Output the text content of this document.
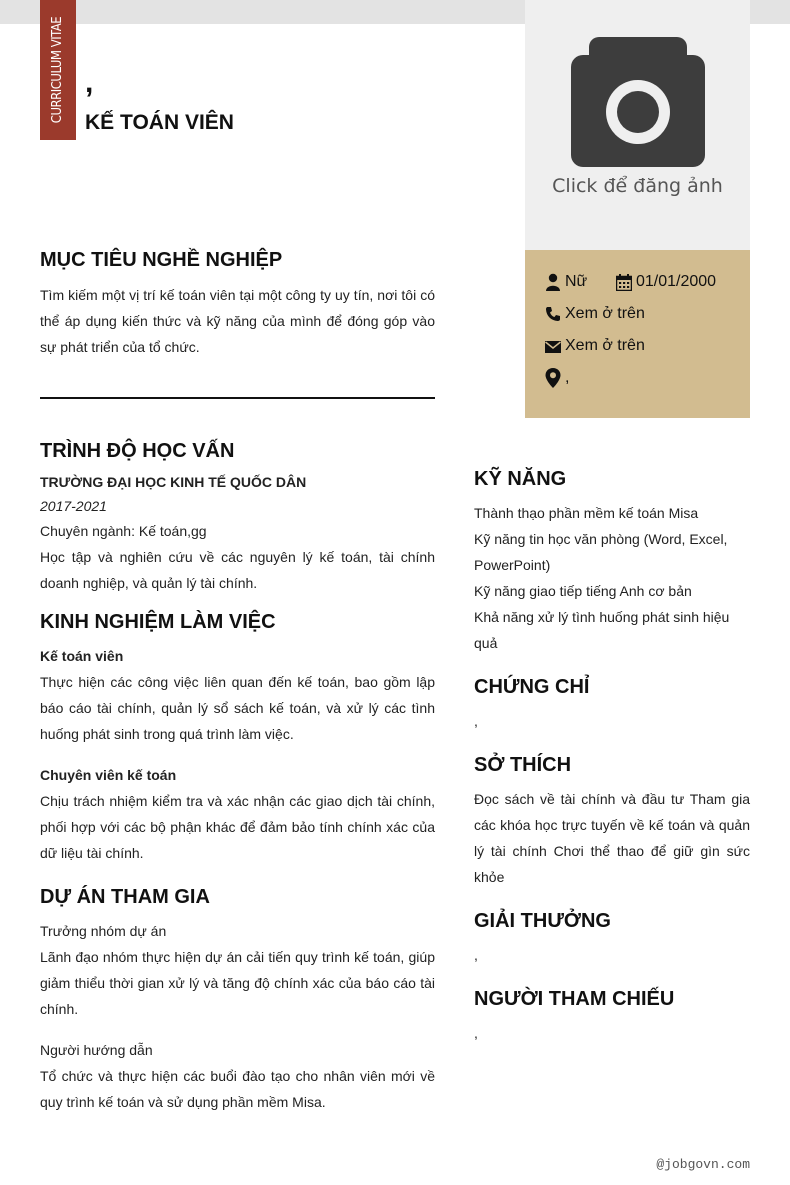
CURRICULUM VITAE ,
KẾ TOÁN VIÊN
Click để đăng ảnh
Nữ	01/01/2000
Xem ở trên
Xem ở trên
,
MỤC TIÊU NGHỀ NGHIỆP
Tìm kiếm một vị trí kế toán viên tại một công ty uy tín, nơi tôi có thể áp dụng kiến thức và kỹ năng của mình để đóng góp vào sự phát triển của tổ chức.
TRÌNH ĐỘ HỌC VẤN
TRƯỜNG ĐẠI HỌC KINH TẾ QUỐC DÂN
2017-2021
Chuyên ngành: Kế toán,gg
Học tập và nghiên cứu về các nguyên lý kế toán, tài chính doanh nghiệp, và quản lý tài chính.
KINH NGHIỆM LÀM VIỆC
Kế toán viên
Thực hiện các công việc liên quan đến kế toán, bao gồm lập báo cáo tài chính, quản lý sổ sách kế toán, và xử lý các tình huống phát sinh trong quá trình làm việc.
Chuyên viên kế toán
Chịu trách nhiệm kiểm tra và xác nhận các giao dịch tài chính, phối hợp với các bộ phận khác để đảm bảo tính chính xác của dữ liệu tài chính.
DỰ ÁN THAM GIA
Trưởng nhóm dự án
Lãnh đạo nhóm thực hiện dự án cải tiến quy trình kế toán, giúp giảm thiểu thời gian xử lý và tăng độ chính xác của báo cáo tài chính.
Người hướng dẫn
Tổ chức và thực hiện các buổi đào tạo cho nhân viên mới về quy trình kế toán và sử dụng phần mềm Misa.
KỸ NĂNG
Thành thạo phần mềm kế toán Misa
Kỹ năng tin học văn phòng (Word, Excel, PowerPoint)
Kỹ năng giao tiếp tiếng Anh cơ bản
Khả năng xử lý tình huống phát sinh hiệu quả
CHỨNG CHỈ
,
SỞ THÍCH
Đọc sách về tài chính và đầu tư Tham gia các khóa học trực tuyến về kế toán và quản lý tài chính Chơi thể thao để giữ gìn sức khỏe
GIẢI THƯỞNG
,
NGƯỜI THAM CHIẾU
,
@jobgovn.com
